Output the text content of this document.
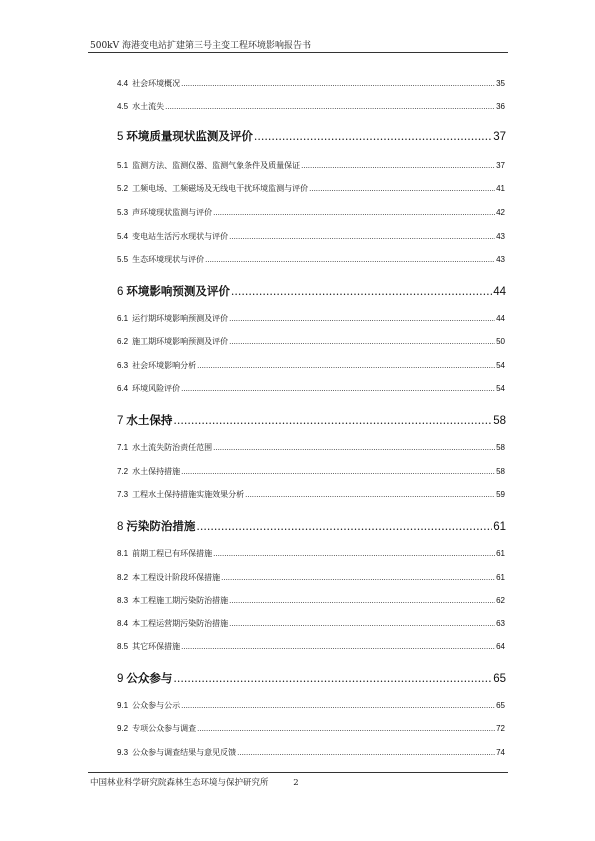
500kV 海港变电站扩建第三号主变工程环境影响报告书
4.4 社会环境概况 .....	35
4.5 水土流失 .....	36
5 环境质量现状监测及评价 .....	37
5.1 监测方法、监测仪器、监测气象条件及质量保证 .....	37
5.2 工频电场、工频磁场及无线电干扰环境监测与评价 .....	41
5.3 声环境现状监测与评价 .....	42
5.4 变电站生活污水现状与评价 .....	43
5.5 生态环境现状与评价 .....	43
6 环境影响预测及评价 .....	44
6.1 运行期环境影响预测及评价 .....	44
6.2 施工期环境影响预测及评价 .....	50
6.3 社会环境影响分析 .....	54
6.4 环境风险评价 .....	54
7 水土保持 .....	58
7.1 水土流失防治责任范围 .....	58
7.2 水土保持措施 .....	58
7.3 工程水土保持措施实施效果分析 .....	59
8 污染防治措施 .....	61
8.1 前期工程已有环保措施 .....	61
8.2 本工程设计阶段环保措施 .....	61
8.3 本工程施工期污染防治措施 .....	62
8.4 本工程运营期污染防治措施 .....	63
8.5 其它环保措施 .....	64
9 公众参与 .....	65
9.1 公众参与公示 .....	65
9.2 专项公众参与调查 .....	72
9.3 公众参与调查结果与意见反馈 .....	74
中国林业科学研究院森林生态环境与保护研究所	2
